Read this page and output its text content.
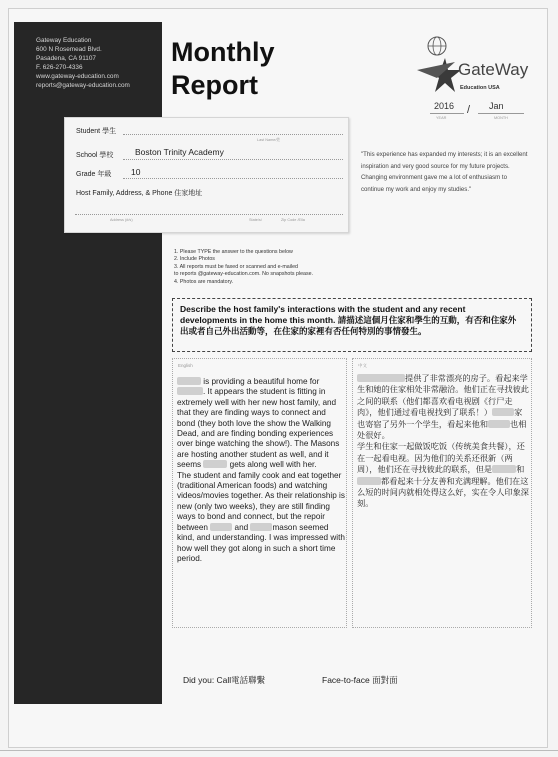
Gateway Education
600 N Rosemead Blvd.
Pasadena, CA 91107
F. 626-270-4336
www.gateway-education.com
reports@gateway-education.com
Monthly
Report
GateWay
Education USA
2016 / Jan
YEAR	MONTH
Student 學生
Last Name/姓
School 學校	Boston Trinity Academy
Grade 年級 10
Host Family, Address, & Phone 住家地址
Address (#/s)	State/s/	Zip Code /Ella
"This experience has expanded my interests; it is an excellent inspiration and very good source for my future projects. Changing environment gave me a lot of enthusiasm to continue my work and enjoy my studies."
1. Please TYPE the answer to the questions below
2. Include Photos
3. All reports must be faxed or scanned and e-mailed
to reports @gateway-education.com. No snapshots please.
4. Photos are mandatory.
Describe the host family's interactions with the student and any recent developments in the home this month. 請描述這個月住家和學生的互動，有否和住家外出或者自己外出活動等，在住家的家裡有否任何特別的事情發生。
English
is providing a beautiful home for . It appears the student is fitting in extremely well with her new host family, and that they are finding ways to connect and bond (they both love the show the Walking Dead, and are finding bonding experiences over binge watching the show!). The Masons are hosting another student as well, and it seems	gets along well with her.
The student and family cook and eat together (traditional American foods) and watching videos/movies together. As their relationship is new (only two weeks), they are still finding ways to bond and connect, but the repoir between	and	mason seemed kind, and understanding. I was impressed with how well they got along in such a short time period.
中文
提供了非常漂亮的房子。看起来学生和她的住家相处非常融洽。他们正在寻找彼此之间的联系（他们都喜欢看电视剧《行尸走肉》，他们通过看电视找到了联系！）	家也寄宿了另外一个学生，看起来他和	也相处很好。
学生和住家一起做饭吃饭（传统美食共餐），还在一起看电视。因为他们的关系还很新（两周），他们还在寻找彼此的联系，但是	和都看起来十分友善和充满理解。他们在这么短的时间内就相处得这么好，实在令人印象深刻。
Did you: Call電話聯繫	Face-to-face 面對面
